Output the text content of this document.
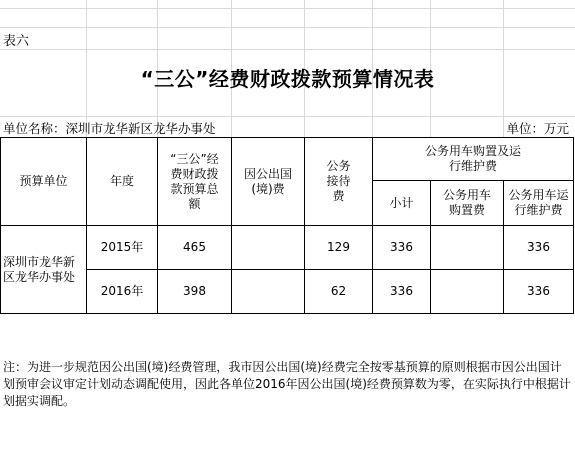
表六
“三公”经费财政拨款预算情况表
单位名称：深圳市龙华新区龙华办事处	单位：万元
预算单位	年度	“三公”经费财政拨款预算总额	因公出国(境)费	公务接待费	公务用车购置及运行维护费		
					小计	公务用车购置费	公务用车运行维护费
深圳市龙华新区龙华办事处	2015年	465		129	336		336
	2016年	398		62	336		336
注：为进一步规范因公出国(境)经费管理，我市因公出国(境)经费完全按零基预算的原则根据市因公出国计划预审会议审定计划动态调配使用，因此各单位2016年因公出国(境)经费预算数为零，在实际执行中根据计划据实调配。
